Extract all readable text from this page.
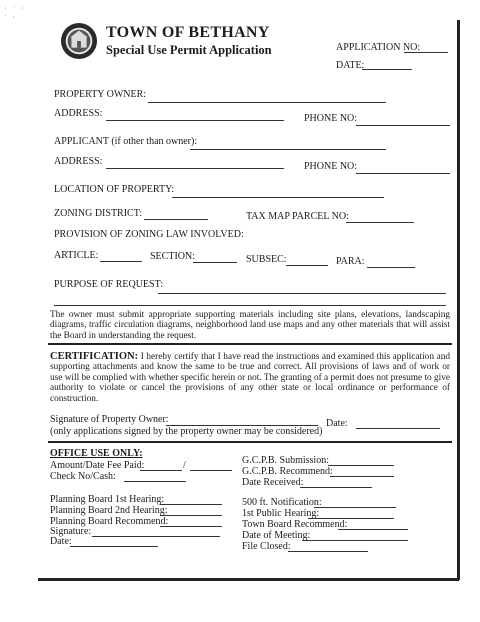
· ˙ ·
˙ ·
TOWN OF BETHANY
Special Use Permit Application	APPLICATION NO:
DATE:
PROPERTY OWNER:
ADDRESS:	PHONE NO:
APPLICANT (if other than owner):
ADDRESS:	PHONE NO:
LOCATION OF PROPERTY:
ZONING DISTRICT:	TAX MAP PARCEL NO:
PROVISION OF ZONING LAW INVOLVED:
ARTICLE:	SECTION:	SUBSEC:	PARA:
PURPOSE OF REQUEST:
The owner must submit appropriate supporting materials including site plans, elevations, landscaping diagrams, traffic circulation diagrams, neighborhood land use maps and any other materials that will assist the Board in understanding the request.
CERTIFICATION: I hereby certify that I have read the instructions and examined this application and supporting attachments and know the same to be true and correct. All provisions of laws and of work or use will be complied with whether specific herein or not. The granting of a permit does not presume to give authority to violate or cancel the provisions of any other state or local ordinance or performance of construction.
Signature of Property Owner:	Date:
(only applications signed by the property owner may be considered)
OFFICE USE ONLY:
Amount/Date Fee Paid:	/
Check No/Cash:
G.C.P.B. Submission:
G.C.P.B. Recommend:
Date Received:
Planning Board 1st Hearing:
Planning Board 2nd Hearing:
Planning Board Recommend:
Signature:
Date:
500 ft. Notification:
1st Public Hearing:
Town Board Recommend:
Date of Meeting:
File Closed:
